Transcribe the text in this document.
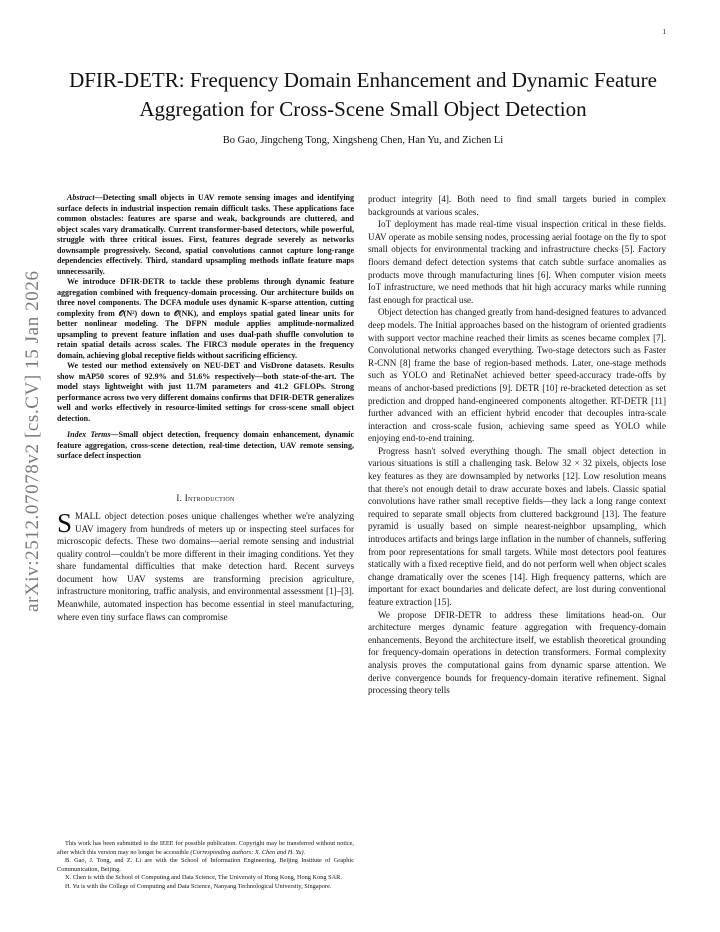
1
arXiv:2512.07078v2 [cs.CV] 15 Jan 2026
DFIR-DETR: Frequency Domain Enhancement and Dynamic Feature Aggregation for Cross-Scene Small Object Detection
Bo Gao, Jingcheng Tong, Xingsheng Chen, Han Yu, and Zichen Li

Abstract—Detecting small objects in UAV remote sensing images and identifying surface defects in industrial inspection remain difficult tasks. These applications face common obstacles: features are sparse and weak, backgrounds are cluttered, and object scales vary dramatically. Current transformer-based detectors, while powerful, struggle with three critical issues. First, features degrade severely as networks downsample progressively. Second, spatial convolutions cannot capture long-range dependencies effectively. Third, standard upsampling methods inflate feature maps unnecessarily.

We introduce DFIR-DETR to tackle these problems through dynamic feature aggregation combined with frequency-domain processing. Our architecture builds on three novel components. The DCFA module uses dynamic K-sparse attention, cutting complexity from 𝒪(N²) down to 𝒪(NK), and employs spatial gated linear units for better nonlinear modeling. The DFPN module applies amplitude-normalized upsampling to prevent feature inflation and uses dual-path shuffle convolution to retain spatial details across scales. The FIRC3 module operates in the frequency domain, achieving global receptive fields without sacrificing efficiency.

We tested our method extensively on NEU-DET and VisDrone datasets. Results show mAP50 scores of 92.9% and 51.6% respectively—both state-of-the-art. The model stays lightweight with just 11.7M parameters and 41.2 GFLOPs. Strong performance across two very different domains confirms that DFIR-DETR generalizes well and works effectively in resource-limited settings for cross-scene small object detection.

Index Terms—Small object detection, frequency domain enhancement, dynamic feature aggregation, cross-scene detection, real-time detection, UAV remote sensing, surface defect inspection

I. Introduction

SMALL object detection poses unique challenges whether we're analyzing UAV imagery from hundreds of meters up or inspecting steel surfaces for microscopic defects. These two domains—aerial remote sensing and industrial quality control—couldn't be more different in their imaging conditions. Yet they share fundamental difficulties that make detection hard. Recent surveys document how UAV systems are transforming precision agriculture, infrastructure monitoring, traffic analysis, and environmental assessment [1]–[3]. Meanwhile, automated inspection has become essential in steel manufacturing, where even tiny surface flaws can compromise

This work has been submitted to the IEEE for possible publication. Copyright may be transferred without notice, after which this version may no longer be accessible (Corresponding authors: X. Chen and H. Yu).

B. Gao, J. Tong, and Z. Li are with the School of Information Engineering, Beijing Institute of Graphic Communication, Beijing.

X. Chen is with the School of Computing and Data Science, The University of Hong Kong, Hong Kong SAR.

H. Yu is with the College of Computing and Data Science, Nanyang Technological University, Singapore.

product integrity [4]. Both need to find small targets buried in complex backgrounds at various scales.

IoT deployment has made real-time visual inspection critical in these fields. UAV operate as mobile sensing nodes, processing aerial footage on the fly to spot small objects for environmental tracking and infrastructure checks [5]. Factory floors demand defect detection systems that catch subtle surface anomalies as products move through manufacturing lines [6]. When computer vision meets IoT infrastructure, we need methods that hit high accuracy marks while running fast enough for practical use.

Object detection has changed greatly from hand-designed features to advanced deep models. The Initial approaches based on the histogram of oriented gradients with support vector machine reached their limits as scenes became complex [7]. Convolutional networks changed everything. Two-stage detectors such as Faster R-CNN [8] frame the base of region-based methods. Later, one-stage methods such as YOLO and RetinaNet achieved better speed-accuracy trade-offs by means of anchor-based predictions [9]. DETR [10] re-bracketed detection as set prediction and dropped hand-engineered components altogether. RT-DETR [11] further advanced with an efficient hybrid encoder that decouples intra-scale interaction and cross-scale fusion, achieving same speed as YOLO while enjoying end-to-end training.

Progress hasn't solved everything though. The small object detection in various situations is still a challenging task. Below 32 × 32 pixels, objects lose key features as they are downsampled by networks [12]. Low resolution means that there's not enough detail to draw accurate boxes and labels. Classic spatial convolutions have rather small receptive fields—they lack a long range context required to separate small objects from cluttered background [13]. The feature pyramid is usually based on simple nearest-neighbor upsampling, which introduces artifacts and brings large inflation in the number of channels, suffering from poor representations for small targets. While most detectors pool features statically with a fixed receptive field, and do not perform well when object scales change dramatically over the scenes [14]. High frequency patterns, which are important for exact boundaries and delicate defect, are lost during conventional feature extraction [15].

We propose DFIR-DETR to address these limitations head-on. Our architecture merges dynamic feature aggregation with frequency-domain enhancements. Beyond the architecture itself, we establish theoretical grounding for frequency-domain operations in detection transformers. Formal complexity analysis proves the computational gains from dynamic sparse attention. We derive convergence bounds for frequency-domain iterative refinement. Signal processing theory tells
